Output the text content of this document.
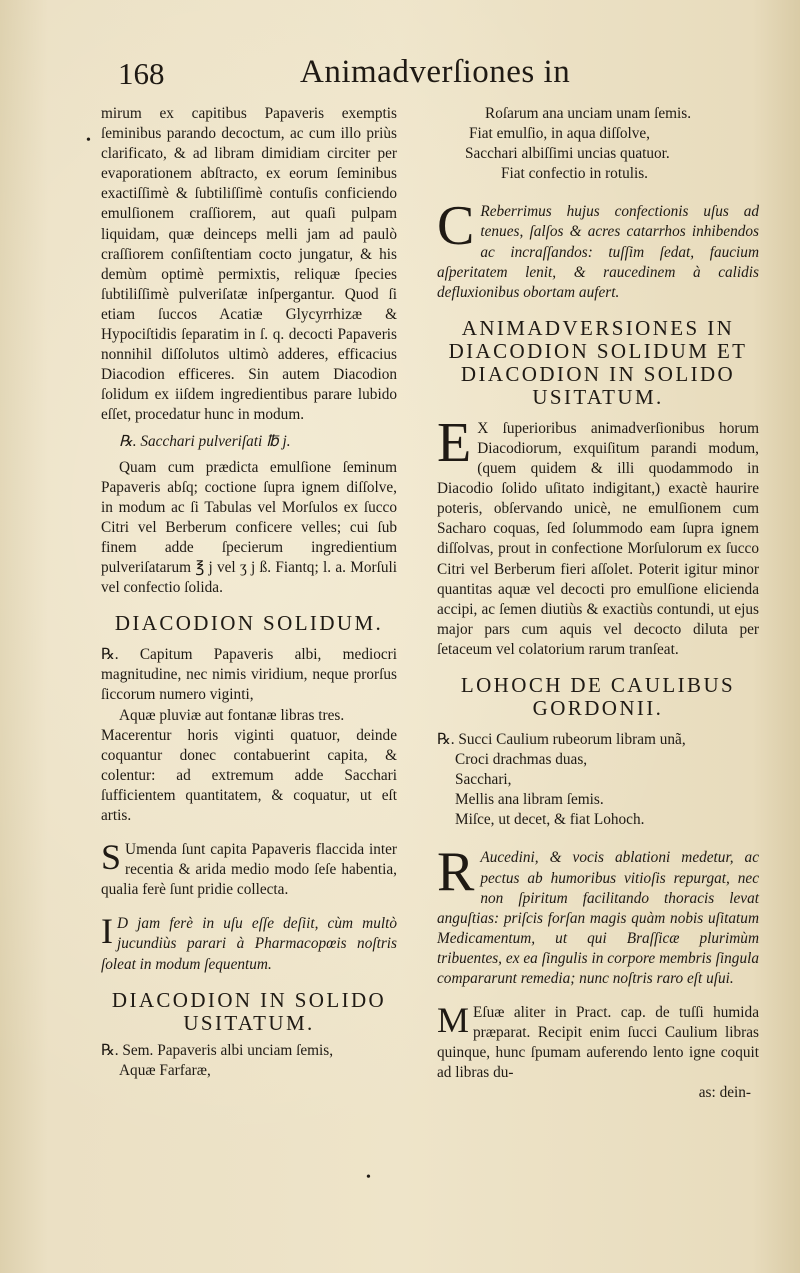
168	Animadverſiones in
•

mirum ex capitibus Papaveris exemptis ſeminibus parando decoctum, ac cum illo priùs clarificato, & ad libram dimidiam circiter per evaporationem abſtracto, ex eorum ſeminibus exactiſſimè & ſubtiliſſimè contuſis conficiendo emulſionem craſſiorem, aut quaſi pulpam liquidam, quæ deinceps melli jam ad paulò craſſiorem conſiſtentiam cocto jungatur, & his demùm optimè permixtis, reliquæ ſpecies ſubtiliſſimè pulveriſatæ inſpergantur. Quod ſi etiam ſuccos Acatiæ Glycyrrhizæ & Hypociſtidis ſeparatim in ſ. q. decocti Papaveris nonnihil diſſolutos ultimò adderes, efficacius Diacodion efficeres. Sin autem Diacodion ſolidum ex iiſdem ingredientibus parare lubido eſſet, procedatur hunc in modum.

℞. Sacchari pulveriſati ℔ j.

Quam cum prædicta emulſione ſeminum Papaveris abſq; coctione ſupra ignem diſſolve, in modum ac ſi Tabulas vel Morſulos ex ſucco Citri vel Berberum conficere velles; cui ſub finem adde ſpecierum ingredientium pulveriſatarum ℥ j vel ʒ j ß. Fiantq; l. a. Morſuli vel confectio ſolida.

DIACODION SOLIDUM.

℞. Capitum Papaveris albi, mediocri magnitudine, nec nimis viridium, neque prorſus ſiccorum numero viginti,

Aquæ pluviæ aut fontanæ libras tres.

Macerentur horis viginti quatuor, deinde coquantur donec contabuerint capita, & colentur: ad extremum adde Sacchari ſufficientem quantitatem, & coquatur, ut eſt artis.

S Umenda ſunt capita Papaveris flaccida inter recentia & arida medio modo ſeſe habentia, qualia ferè ſunt pridie collecta.

I D jam ferè in uſu eſſe deſiit, cùm multò jucundiùs parari à Pharmacopœis noſtris ſoleat in modum ſequentum.

DIACODION IN SOLIDO

USITATUM.

℞. Sem. Papaveris albi unciam ſemis,

Aquæ Farfaræ,

Roſarum ana unciam unam ſemis.

Fiat emulſio, in aqua diſſolve,

Sacchari albiſſimi uncias quatuor.

Fiat confectio in rotulis.

C Reberrimus hujus confectionis uſus ad tenues, ſalſos & acres catarrhos inhibendos ac incraſſandos: tuſſim ſedat, faucium aſperitatem lenit, & raucedinem à calidis defluxionibus obortam aufert.

ANIMADVERSIONES IN

DIACODION SOLIDUM ET

DIACODION IN SOLIDO

USITATUM.

E X ſuperioribus animadverſionibus horum Diacodiorum, exquiſitum parandi modum, (quem quidem & illi quodammodo in Diacodio ſolido uſitato indigitant,) exactè haurire poteris, obſervando unicè, ne emulſionem cum Sacharo coquas, ſed ſolummodo eam ſupra ignem diſſolvas, prout in confectione Morſulorum ex ſucco Citri vel Berberum fieri aſſolet. Poterit igitur minor quantitas aquæ vel decocti pro emulſione elicienda accipi, ac ſemen diutiùs & exactiùs contundi, ut ejus major pars cum aquis vel decocto diluta per ſetaceum vel colatorium rarum tranſeat.

LOHOCH DE CAULIBUS

GORDONII.

℞. Succi Caulium rubeorum libram unã,

Croci drachmas duas,

Sacchari,

Mellis ana libram ſemis.

Miſce, ut decet, & fiat Lohoch.

R Aucedini, & vocis ablationi medetur, ac pectus ab humoribus vitioſis repurgat, nec non ſpiritum facilitando thoracis levat anguſtias: priſcis forſan magis quàm nobis uſitatum Medicamentum, ut qui Braſſicæ plurimùm tribuentes, ex ea ſingulis in corpore membris ſingula compararunt remedia; nunc noſtris raro eſt uſui.

M Eſuæ aliter in Pract. cap. de tuſſi humida præparat. Recipit enim ſucci Caulium libras quinque, hunc ſpumam auferendo lento igne coquit ad libras du-

as: dein-

•
